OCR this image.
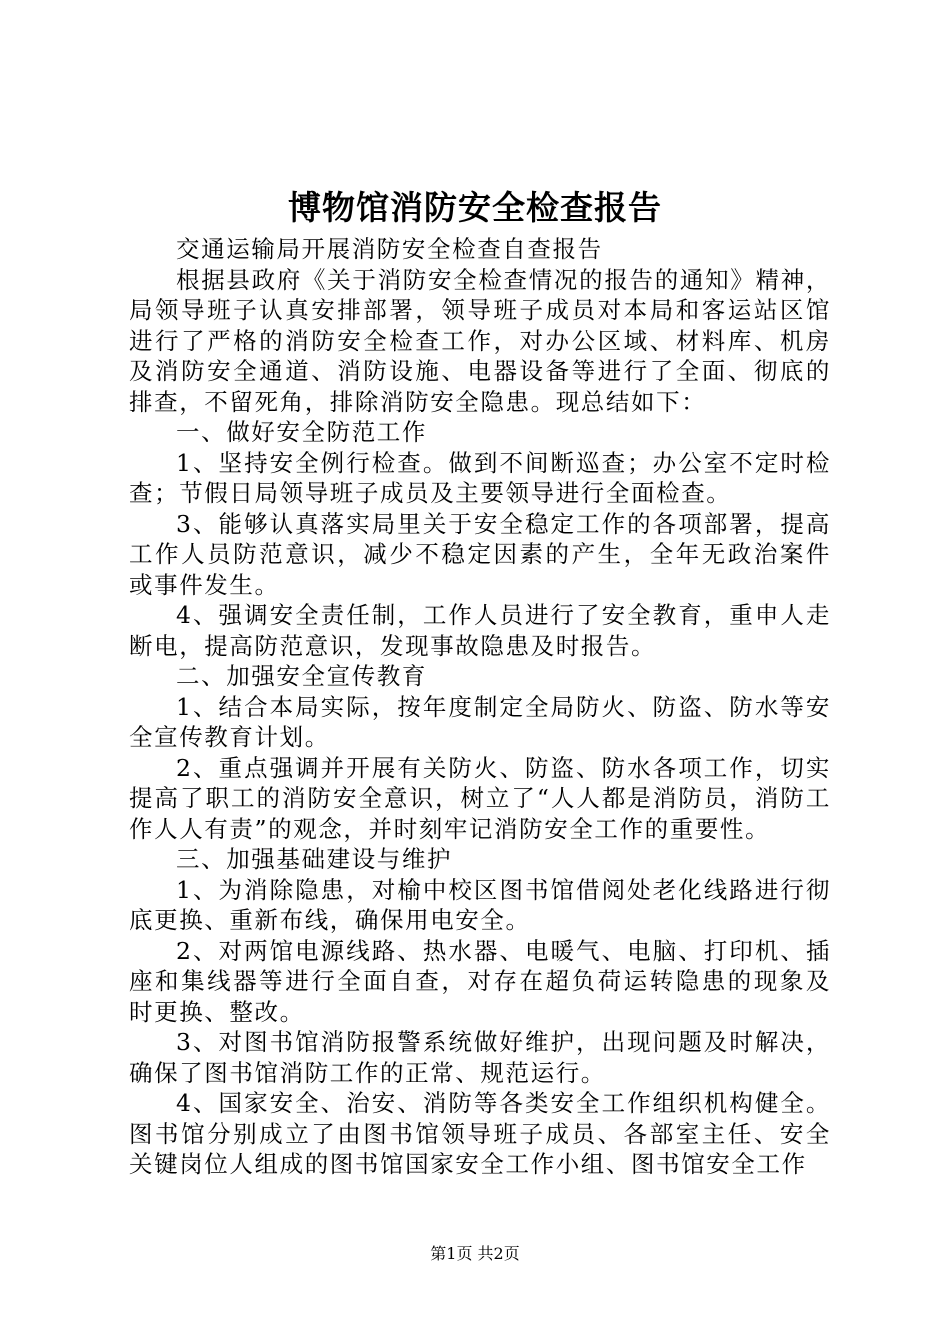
博物馆消防安全检查报告

交通运输局开展消防安全检查自查报告

根据县政府《关于消防安全检查情况的报告的通知》精神，局领导班子认真安排部署，领导班子成员对本局和客运站区馆进行了严格的消防安全检查工作，对办公区域、材料库、机房及消防安全通道、消防设施、电器设备等进行了全面、彻底的排查，不留死角，排除消防安全隐患。现总结如下：

一、做好安全防范工作

1、坚持安全例行检查。做到不间断巡查；办公室不定时检查；节假日局领导班子成员及主要领导进行全面检查。

3、能够认真落实局里关于安全稳定工作的各项部署，提高工作人员防范意识，减少不稳定因素的产生，全年无政治案件或事件发生。

4、强调安全责任制，工作人员进行了安全教育，重申人走断电，提高防范意识，发现事故隐患及时报告。

二、加强安全宣传教育

1、结合本局实际，按年度制定全局防火、防盗、防水等安全宣传教育计划。

2、重点强调并开展有关防火、防盗、防水各项工作，切实提高了职工的消防安全意识，树立了“人人都是消防员，消防工作人人有责”的观念，并时刻牢记消防安全工作的重要性。

三、加强基础建设与维护

1、为消除隐患，对榆中校区图书馆借阅处老化线路进行彻底更换、重新布线，确保用电安全。

2、对两馆电源线路、热水器、电暖气、电脑、打印机、插座和集线器等进行全面自查，对存在超负荷运转隐患的现象及时更换、整改。

3、对图书馆消防报警系统做好维护，出现问题及时解决，确保了图书馆消防工作的正常、规范运行。

4、国家安全、治安、消防等各类安全工作组织机构健全。图书馆分别成立了由图书馆领导班子成员、各部室主任、安全关键岗位人组成的图书馆国家安全工作小组、图书馆安全工作

第1页 共2页
